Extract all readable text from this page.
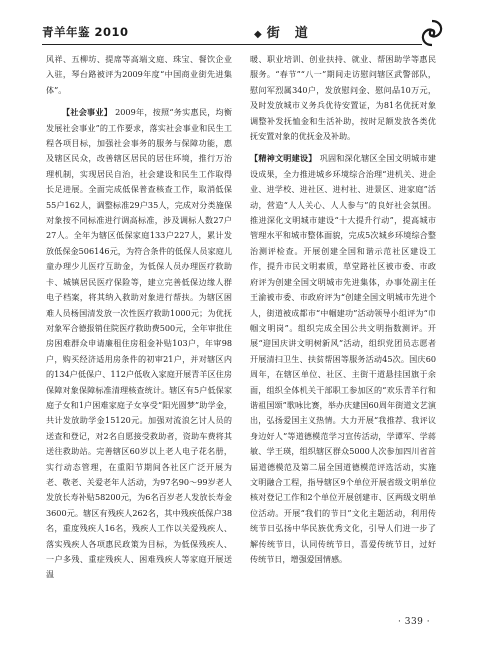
青羊年鉴 2010	◆ 街　道

风祥、五柳坊、提席等高端文庭、珠宝、餐饮企业入驻，琴台路被评为2009年度“中国商业街先进集体”。

【社会事业】 2009年，按照“务实惠民，均衡发展社会事业”的工作要求，落实社会事业和民生工程各项目标，加强社会事务的服务与保障功能，惠及辖区民众，改善辖区居民的居住环境，推行万治理机制，实现居民自治，社会建设和民生工作取得长足进展。全面完成低保普查核查工作，取消低保55户162人，调整标准29户35人，完成对分类施保对象按不同标准进行调高标准，涉及调标人数27户27人。全年为辖区低保家庭133户227人，累计发放低保金506146元，为符合条件的低保人员家庭儿童办理少儿医疗互助金，为低保人员办理医疗救助卡、城镇居民医疗保险等，建立完善低保边缘人群电子档案，将其纳入救助对象进行帮扶。为辖区困难人员杨国清发放一次性医疗救助1000元；为优抚对象军合德报销住院医疗救助费500元，全年审批住房困难群众申请廉租住房租金补贴103户，年审98户，购买经济适用房条件的初审21户，并对辖区内的134户低保户、112户低收入家庭开展青羊区住房保障对象保障标准清理核查统计。辖区有5户低保家庭子女和1户困难家庭子女享受“阳光圆梦”助学金，共计发放助学金15120元。加强对流浪乞讨人员的送查和登记，对2名自愿接受救助者，资助车费将其送往救助站。完善辖区60岁以上老人电子花名册，实行动态管理，在重阳节期间各社区广泛开展为老、敬老、关爱老年人活动，为97名90～99岁老人发放长寿补贴58200元，为6名百岁老人发放长寿金3600元。辖区有残疾人262名，其中残疾低保户38名，重度残疾人16名，残疾人工作以关爱残疾人、落实残疾人各项惠民政策为目标，为低保残疾人、一户多残、重症残疾人、困难残疾人等家庭开展送温

暖、职业培训、创业扶持、就业、帮困助学等惠民服务。“春节”“八一”期间走访慰问辖区武警部队，慰问军烈属340户，发放慰问金、慰问品10万元，及时发放城市义务兵优待安置证，为81名优抚对象调整补发抚恤金和生活补助，按时足额发放各类优抚安置对象的优抚金及补助。

【精神文明建设】 巩固和深化辖区全国文明城市建设成果，全力推进城乡环境综合治理“进机关、进企业、进学校、进社区、进村社、进景区、进家庭”活动，营造“人人关心、人人参与”的良好社会氛围。推进深化文明城市建设“十大提升行动”，提高城市管理水平和城市整体面貌，完成5次城乡环境综合整治测评检查。开展创建全国和谐示范社区建设工作，提升市民文明素质，草堂路社区被市委、市政府评为创建全国文明城市先进集体，办事处副主任王渝被市委、市政府评为“创建全国文明城市先进个人，街道被成都市“中帼建功”活动领导小组评为“巾帼文明岗”。组织完成全国公共文明指数测评。开展“迎国庆讲文明树新风”活动，组织党团员志愿者开展清扫卫生、扶贫帮困等服务活动45次。国庆60周年，在辖区单位、社区、主街干道悬挂国旗于余面，组织全体机关干部职工参加区的“欢乐青羊行和谐祖国颂”歌咏比赛，举办庆建国60周年街道文艺演出，弘扬爱国主义热情。大力开展“我推荐、我评议身边好人”等道德模范学习宣传活动，学谭军、学蒋敏、学王瑛，组织辖区群众5000人次参加四川省首届道德模范及第二届全国道德模范评选活动，实施文明融合工程，指导辖区9个单位开展省级文明单位核对登记工作和2个单位开展创建市、区两级文明单位活动。开展“我们的节日”文化主题活动，利用传统节日弘扬中华民族优秀文化，引导人们进一步了解传统节日，认同传统节日，喜爱传统节日，过好传统节日，增强爱国情感。

· 339 ·
